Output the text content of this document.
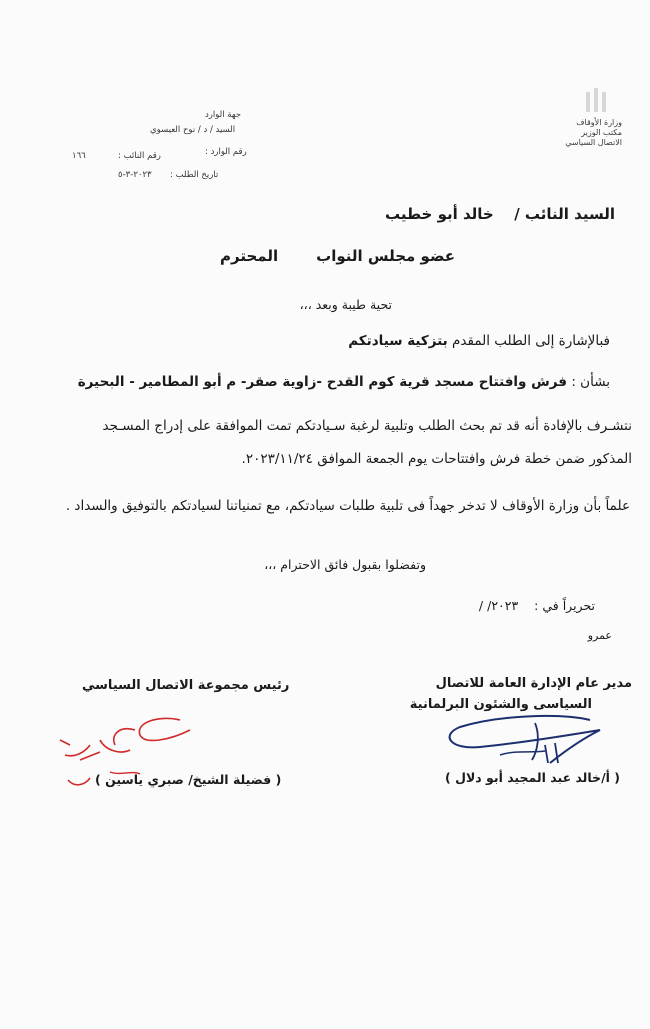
وزارة الأوقاف
مكتب الوزير
الاتصال السياسي
جهة الوارد
السيد / د / نوح العيسوي
رقم الوارد :
رقم النائب :
١٦٦
تاريخ الطلب :
٢٠٢٣-٣-٥
السيد النائب /  خالد أبو خطيب
عضو مجلس النواب
المحترم
تحية طيبة وبعد ،،،
فبالإشارة إلى الطلب المقدم بتزكية سيادتكم
بشأن : فرش وافتتاح مسجد قرية كوم القدح -زاوية صقر- م أبو المطامير - البحيرة
نتشـرف بالإفادة أنه قد تم بحث الطلب وتلبية لرغبة سـيادتكم تمت الموافقة على إدراج المسـجد
المذكور ضمن خطة فرش وافتتاحات يوم الجمعة الموافق ٢٠٢٣/١١/٢٤.
علماً بأن وزارة الأوقاف لا تدخر جهداً فى تلبية طلبات سيادتكم، مع تمنياتنا لسيادتكم بالتوفيق والسداد .
وتفضلوا بقبول فائق الاحترام ،،،
تحريراً في :  / /٢٠٢٣
عمرو
مدير عام الإدارة العامة للاتصال
السياسى والشئون البرلمانية
( أ/خالد عبد المجيد أبو دلال )
رئيس مجموعة الاتصال السياسي
( فضيلة الشيخ/ صبري ياسين )
